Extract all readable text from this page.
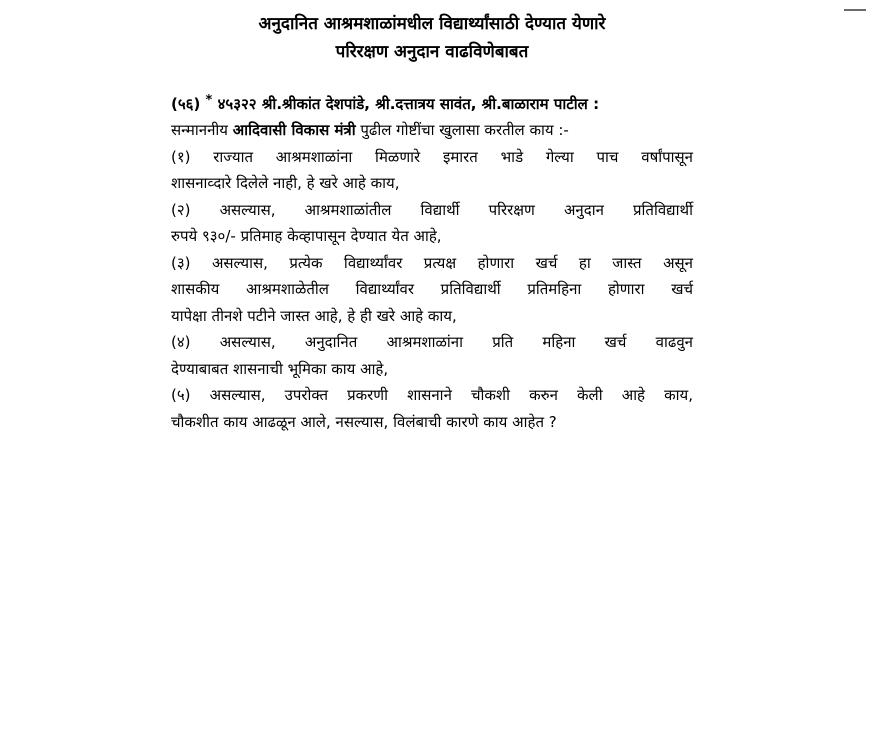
अनुदानित आश्रमशाळांमधील विद्यार्थ्यांसाठी देण्यात येणारे

परिरक्षण अनुदान वाढविणेबाबत

(५६) * ४५३२२ श्री.श्रीकांत देशपांडे, श्री.दत्तात्रय सावंत, श्री.बाळाराम पाटील :

सन्माननीय आदिवासी विकास मंत्री पुढील गोष्टींचा खुलासा करतील काय :-

(१) राज्यात आश्रमशाळांना मिळणारे इमारत भाडे गेल्या पाच वर्षांपासून

शासनाव्दारे दिलेले नाही, हे खरे आहे काय,

(२) असल्यास, आश्रमशाळांतील विद्यार्थी परिरक्षण अनुदान प्रतिविद्यार्थी

रुपये ९३०/- प्रतिमाह केव्हापासून देण्यात येत आहे,

(३) असल्यास, प्रत्येक विद्यार्थ्यांवर प्रत्यक्ष होणारा खर्च हा जास्त असून

शासकीय आश्रमशाळेतील विद्यार्थ्यांवर प्रतिविद्यार्थी प्रतिमहिना होणारा खर्च

यापेक्षा तीनशे पटीने जास्त आहे, हे ही खरे आहे काय,

(४) असल्यास, अनुदानित आश्रमशाळांना प्रति महिना खर्च वाढवुन

देण्याबाबत शासनाची भूमिका काय आहे,

(५) असल्यास, उपरोक्त प्रकरणी शासनाने चौकशी करुन केली आहे काय,

चौकशीत काय आढळून आले, नसल्यास, विलंबाची कारणे काय आहेत ?
